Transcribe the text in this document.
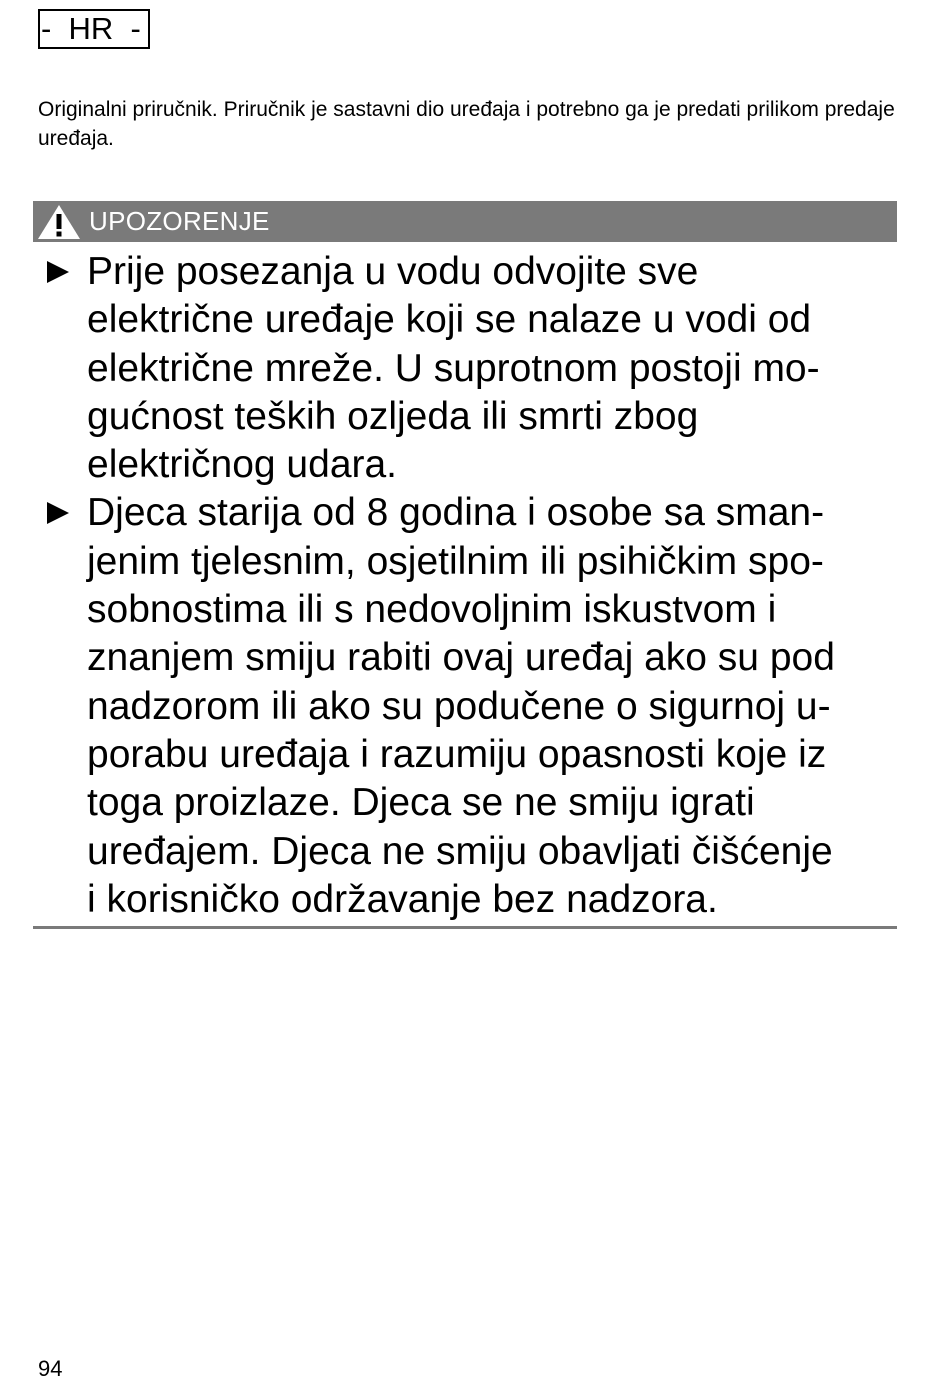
-  HR  -
Originalni priručnik. Priručnik je sastavni dio uređaja i potrebno ga je predati prilikom predaje uređaja.
UPOZORENJE

Prije posezanja u vodu odvojite sve
električne uređaje koji se nalaze u vodi od
električne mreže. U suprotnom postoji mo-
gućnost teških ozljeda ili smrti zbog
električnog udara.

Djeca starija od 8 godina i osobe sa sman-
jenim tjelesnim, osjetilnim ili psihičkim spo-
sobnostima ili s nedovoljnim iskustvom i
znanjem smiju rabiti ovaj uređaj ako su pod
nadzorom ili ako su podučene o sigurnoj u-
porabu uređaja i razumiju opasnosti koje iz
toga proizlaze. Djeca se ne smiju igrati
uređajem. Djeca ne smiju obavljati čišćenje
i korisničko održavanje bez nadzora.

94
